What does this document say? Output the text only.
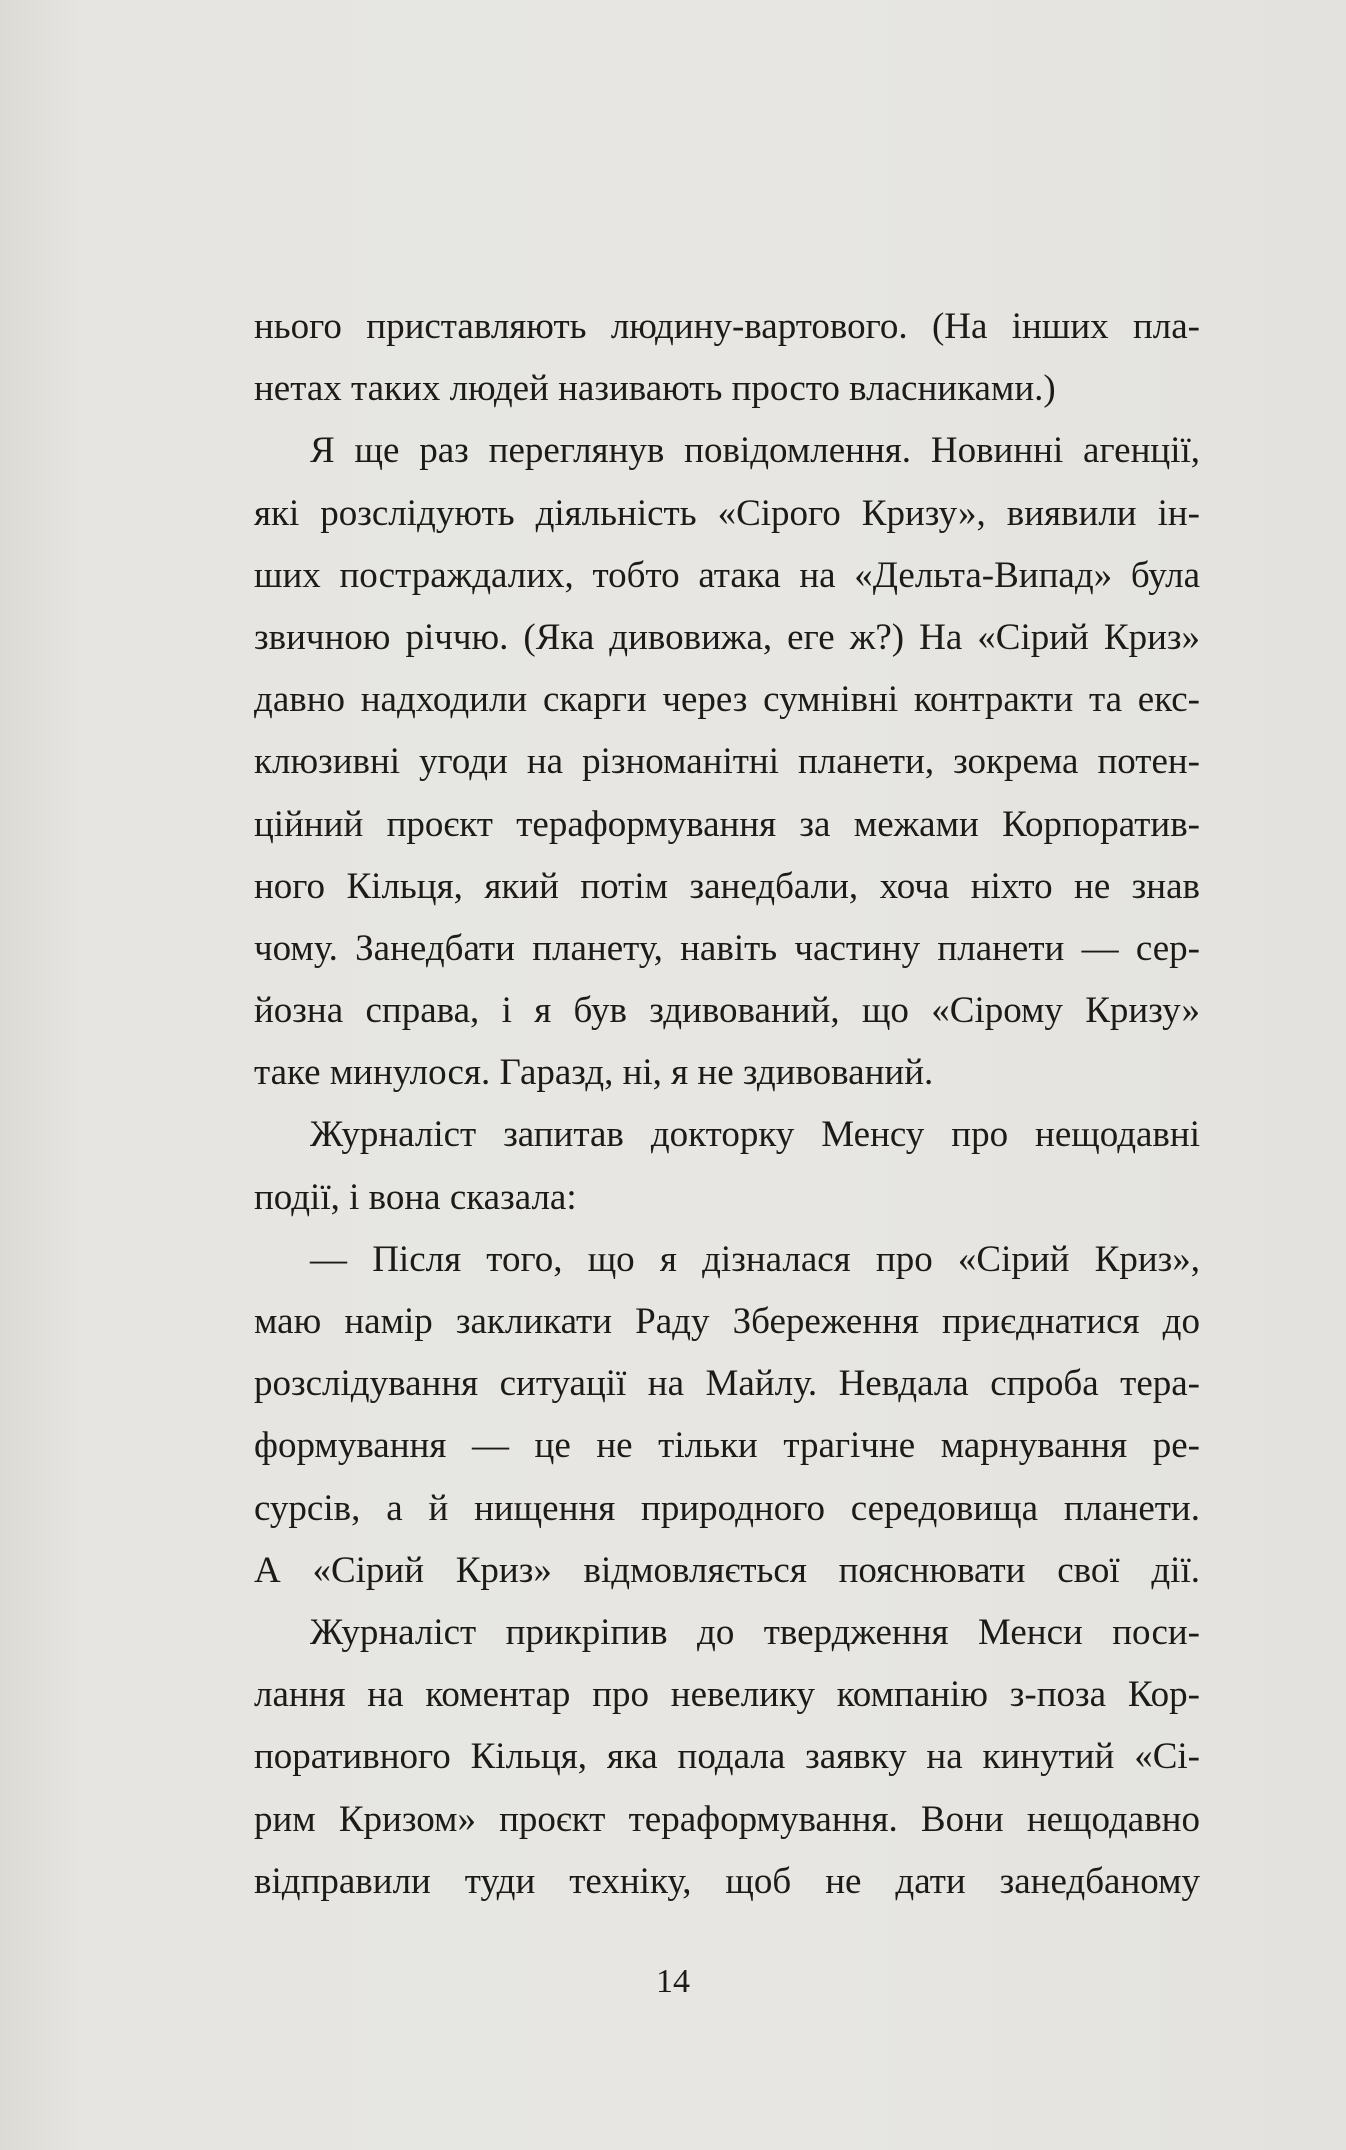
нього приставляють людину-вартового. (На інших пла-
нетах таких людей називають просто власниками.)
Я ще раз переглянув повідомлення. Новинні агенції,
які розслідують діяльність «Сірого Кризу», виявили ін-
ших постраждалих, тобто атака на «Дельта-Випад» була
звичною річчю. (Яка дивовижа, еге ж?) На «Сірий Криз»
давно надходили скарги через сумнівні контракти та екс-
клюзивні угоди на різноманітні планети, зокрема потен-
ційний проєкт тераформування за межами Корпоратив-
ного Кільця, який потім занедбали, хоча ніхто не знав
чому. Занедбати планету, навіть частину планети — сер-
йозна справа, і я був здивований, що «Сірому Кризу»
таке минулося. Гаразд, ні, я не здивований.
Журналіст запитав докторку Менсу про нещодавні
події, і вона сказала:
— Після того, що я дізналася про «Сірий Криз»,
маю намір закликати Раду Збереження приєднатися до
розслідування ситуації на Майлу. Невдала спроба тера-
формування — це не тільки трагічне марнування ре-
сурсів, а й нищення природного середовища планети.
А «Сірий Криз» відмовляється пояснювати свої дії.
Журналіст прикріпив до твердження Менси поси-
лання на коментар про невелику компанію з-поза Кор-
поративного Кільця, яка подала заявку на кинутий «Сі-
рим Кризом» проєкт тераформування. Вони нещодавно
відправили туди техніку, щоб не дати занедбаному
14
